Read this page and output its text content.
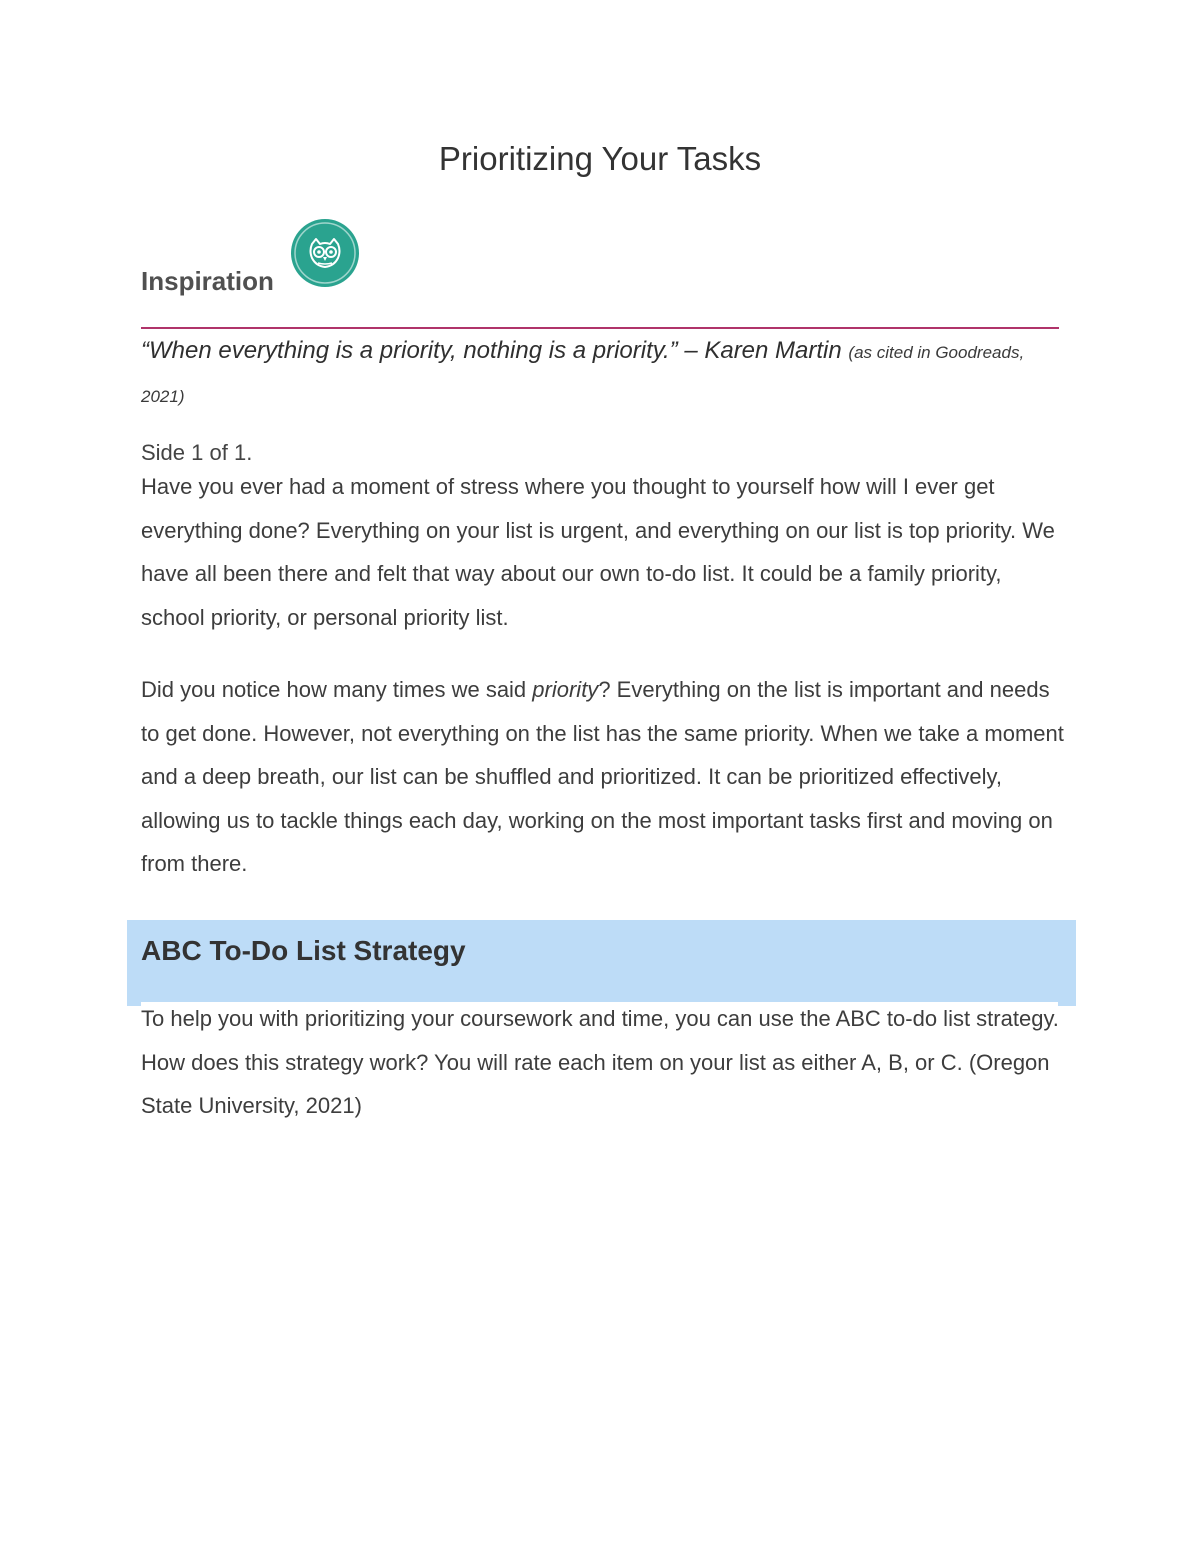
Prioritizing Your Tasks
Inspiration
“When everything is a priority, nothing is a priority.” – Karen Martin (as cited in Goodreads, 2021)
Side 1 of 1.

Have you ever had a moment of stress where you thought to yourself how will I ever get everything done? Everything on your list is urgent, and everything on our list is top priority. We have all been there and felt that way about our own to-do list. It could be a family priority, school priority, or personal priority list.

Did you notice how many times we said priority? Everything on the list is important and needs to get done. However, not everything on the list has the same priority. When we take a moment and a deep breath, our list can be shuffled and prioritized. It can be prioritized effectively, allowing us to tackle things each day, working on the most important tasks first and moving on from there.

ABC To-Do List Strategy

To help you with prioritizing your coursework and time, you can use the ABC to-do list strategy. How does this strategy work? You will rate each item on your list as either A, B, or C. (Oregon State University, 2021)
